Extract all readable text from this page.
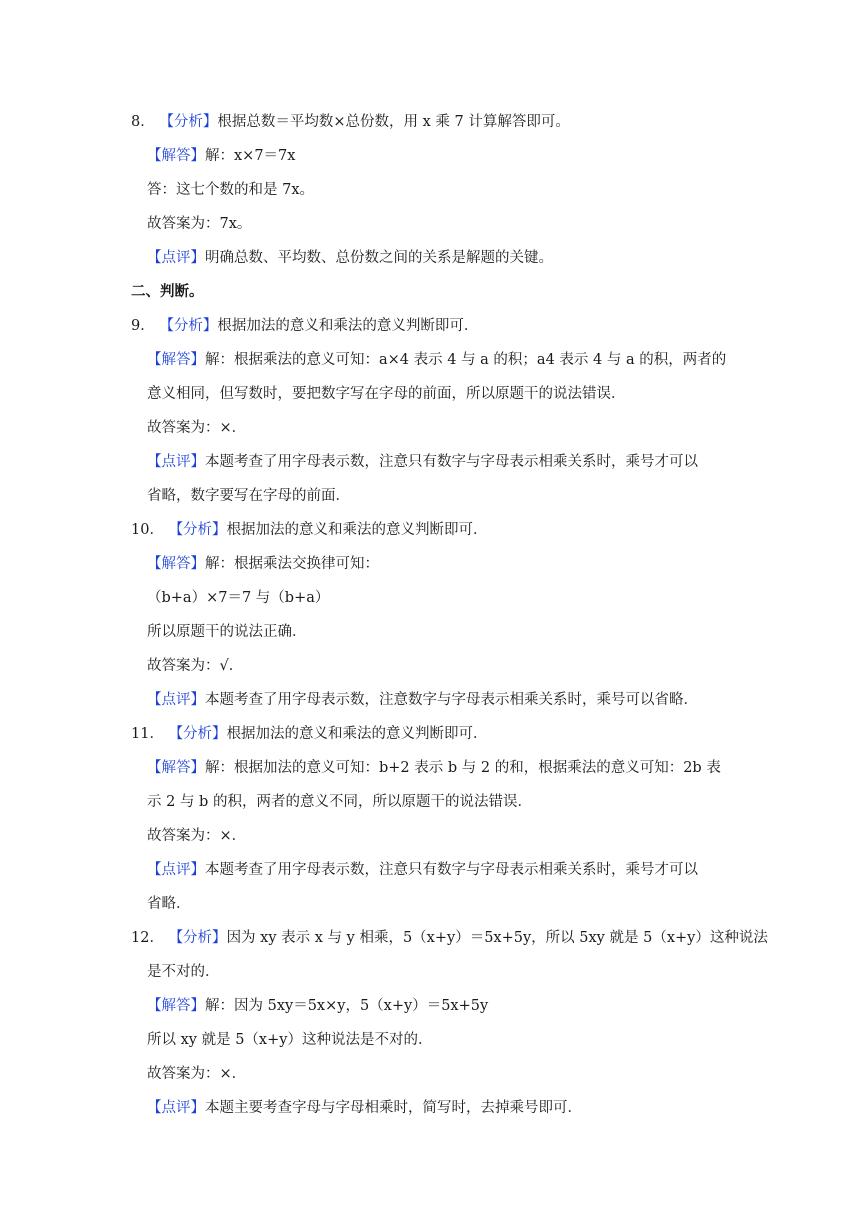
8． 【分析】根据总数＝平均数×总份数，用 x 乘 7 计算解答即可。
【解答】解：x×7＝7x
答：这七个数的和是 7x。
故答案为：7x。
【点评】明确总数、平均数、总份数之间的关系是解题的关键。
二、判断。
9． 【分析】根据加法的意义和乘法的意义判断即可．
【解答】解：根据乘法的意义可知：a×4 表示 4 与 a 的积；a4 表示 4 与 a 的积，两者的
意义相同，但写数时，要把数字写在字母的前面，所以原题干的说法错误．
故答案为：×．
【点评】本题考查了用字母表示数，注意只有数字与字母表示相乘关系时，乘号才可以
省略，数字要写在字母的前面．
10． 【分析】根据加法的意义和乘法的意义判断即可．
【解答】解：根据乘法交换律可知：
（b+a）×7＝7 与（b+a）
所以原题干的说法正确．
故答案为：√．
【点评】本题考查了用字母表示数，注意数字与字母表示相乘关系时，乘号可以省略．
11． 【分析】根据加法的意义和乘法的意义判断即可．
【解答】解：根据加法的意义可知：b+2 表示 b 与 2 的和，根据乘法的意义可知：2b 表
示 2 与 b 的积，两者的意义不同，所以原题干的说法错误．
故答案为：×．
【点评】本题考查了用字母表示数，注意只有数字与字母表示相乘关系时，乘号才可以
省略．
12． 【分析】因为 xy 表示 x 与 y 相乘，5（x+y）＝5x+5y，所以 5xy 就是 5（x+y）这种说法
是不对的．
【解答】解：因为 5xy＝5x×y，5（x+y）＝5x+5y
所以 xy 就是 5（x+y）这种说法是不对的．
故答案为：×．
【点评】本题主要考查字母与字母相乘时，简写时，去掉乘号即可．
